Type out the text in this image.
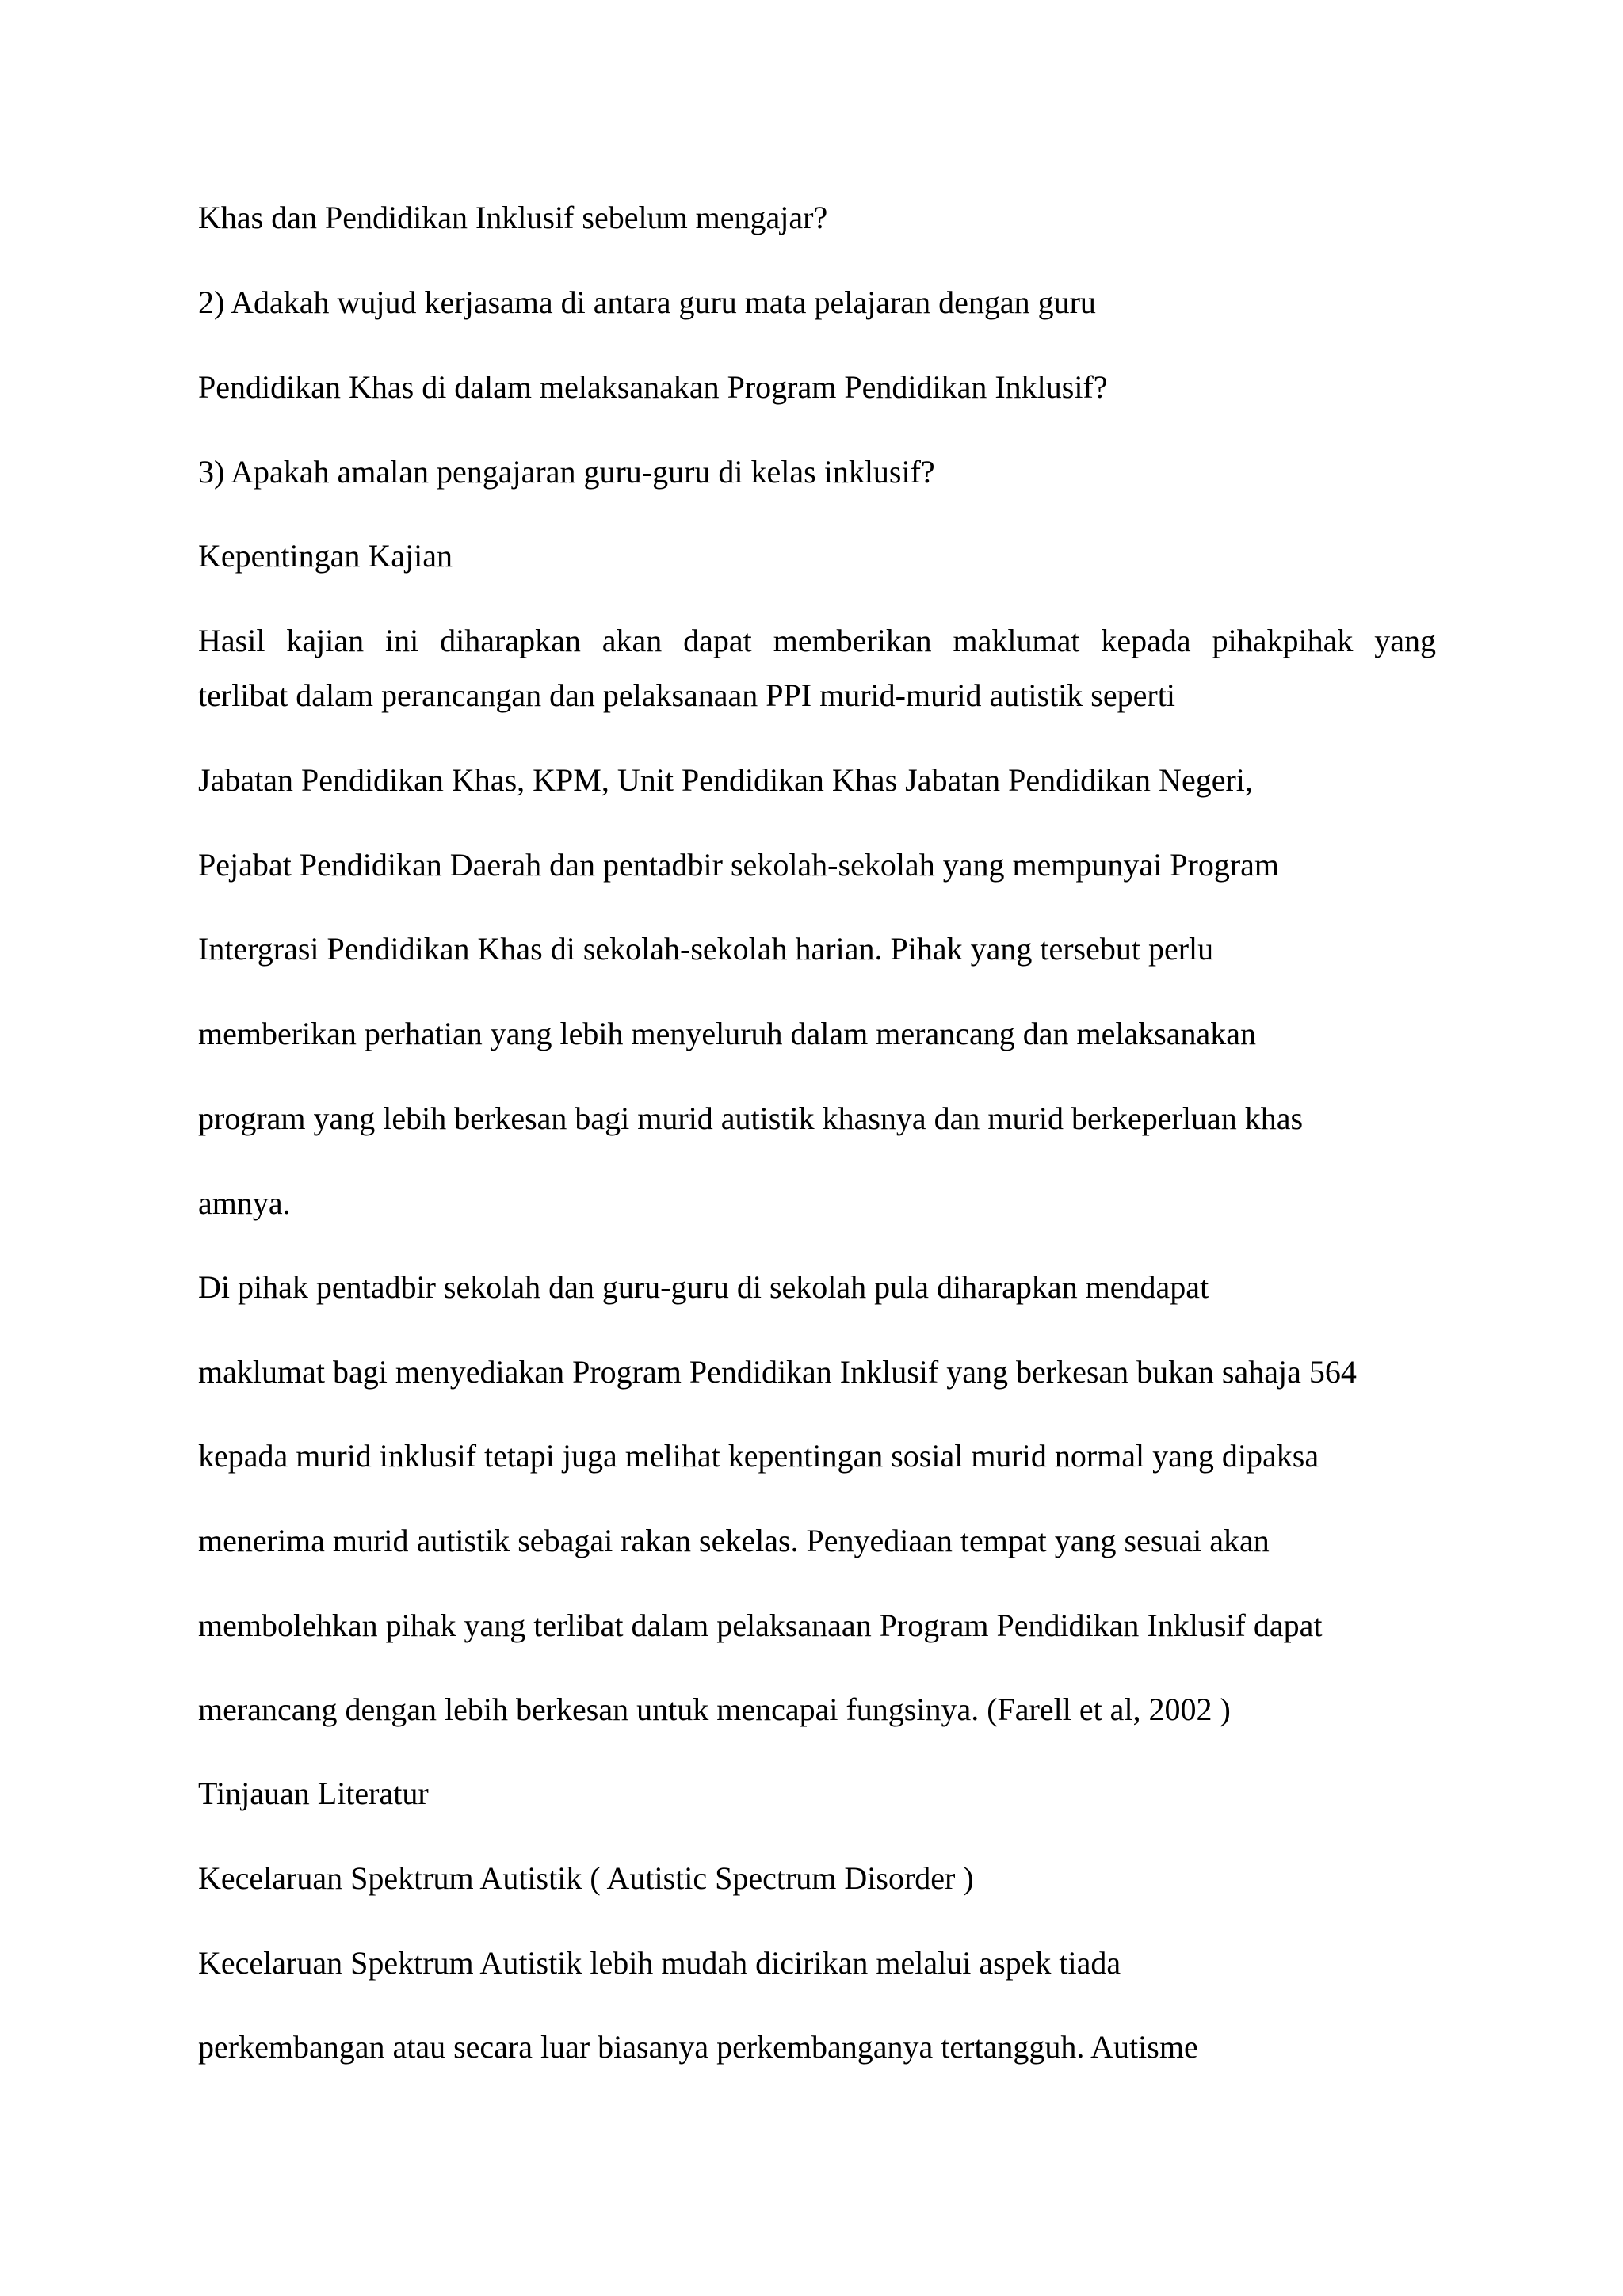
Khas dan Pendidikan Inklusif sebelum mengajar?
2) Adakah wujud kerjasama di antara guru mata pelajaran dengan guru
Pendidikan Khas di dalam melaksanakan Program Pendidikan Inklusif?
3) Apakah amalan pengajaran guru-guru di kelas inklusif?
Kepentingan Kajian
Hasil kajian ini diharapkan akan dapat memberikan maklumat kepada pihakpihak yang
terlibat dalam perancangan dan pelaksanaan PPI murid-murid autistik seperti
Jabatan Pendidikan Khas, KPM, Unit Pendidikan Khas Jabatan Pendidikan Negeri,
Pejabat Pendidikan Daerah dan pentadbir sekolah-sekolah yang mempunyai Program
Intergrasi Pendidikan Khas di sekolah-sekolah harian. Pihak yang tersebut perlu
memberikan perhatian yang lebih menyeluruh dalam merancang dan melaksanakan
program yang lebih berkesan bagi murid autistik khasnya dan murid berkeperluan khas
amnya.
Di pihak pentadbir sekolah dan guru-guru di sekolah pula diharapkan mendapat
maklumat bagi menyediakan Program Pendidikan Inklusif yang berkesan bukan sahaja 564
kepada murid inklusif tetapi juga melihat kepentingan sosial murid normal yang dipaksa
menerima murid autistik sebagai rakan sekelas. Penyediaan tempat yang sesuai akan
membolehkan pihak yang terlibat dalam pelaksanaan Program Pendidikan Inklusif dapat
merancang dengan lebih berkesan untuk mencapai fungsinya. (Farell et al, 2002 )
Tinjauan Literatur
Kecelaruan Spektrum Autistik ( Autistic Spectrum Disorder )
Kecelaruan Spektrum Autistik lebih mudah dicirikan melalui aspek tiada
perkembangan atau secara luar biasanya perkembanganya tertangguh. Autisme
